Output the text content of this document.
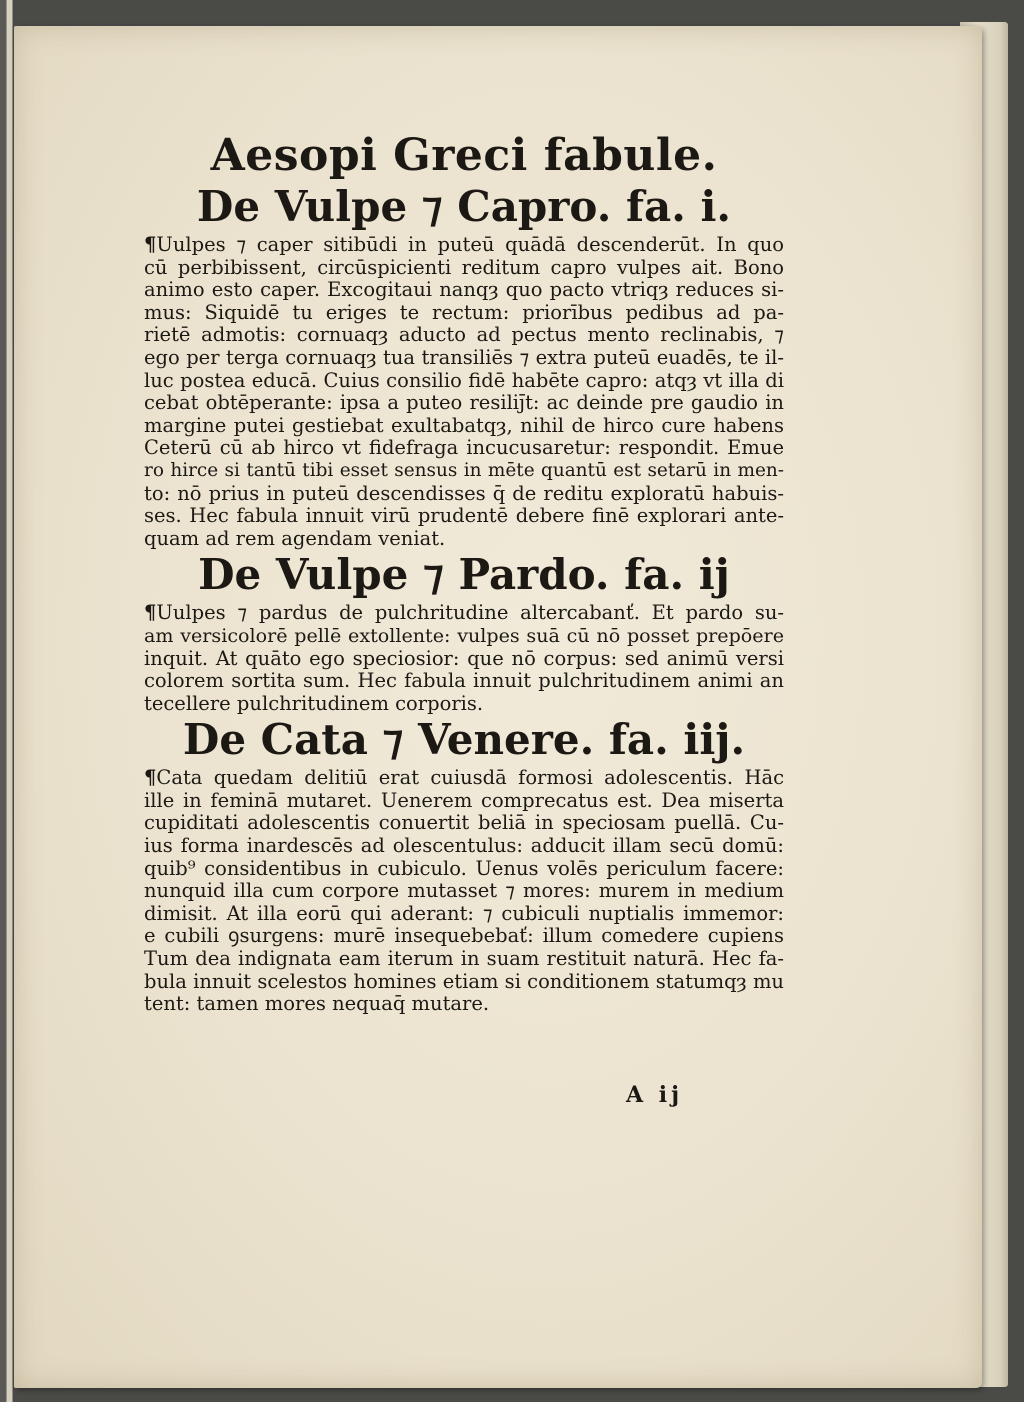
Aesopi Greci fabule.
De Vulpe ⁊ Capro. fa. i.
¶Uulpes ⁊ caper sitibūdi in puteū quādā descenderūt. In quo
cū perbibissent, circūspicienti reditum capro vulpes ait. Bono
animo esto caper. Excogitaui nanqȝ quo pacto vtriqȝ reduces si-
mus: Siquidē tu eriges te rectum: priorībus pedibus ad pa-
rietē admotis: cornuaqȝ aducto ad pectus mento reclinabis, ⁊
ego per terga cornuaqȝ tua transiliēs ⁊ extra puteū euadēs, te il-
luc postea educā. Cuius consilio fidē habēte capro: atqȝ vt illa di
cebat obtēperante: ipsa a puteo resiliȷ̄t: ac deinde pre gaudio in
margine putei gestiebat exultabatqȝ, nihil de hirco cure habens
Ceterū cū ab hirco vt fidefraga incucusaretur: respondit. Emue
ro hirce si tantū tibi esset sensus in mēte quantū est setarū in men-
to: nō prius in puteū descendisses q̄ de reditu exploratū habuis-
ses. Hec fabula innuit virū prudentē debere finē explorari ante-
quam ad rem agendam veniat.
De Vulpe ⁊ Pardo. fa. ij
¶Uulpes ⁊ pardus de pulchritudine altercabanť. Et pardo su-
am versicolorē pellē extollente: vulpes suā cū nō posset prepōere
inquit. At quāto ego speciosior: que nō corpus: sed animū versi
colorem sortita sum. Hec fabula innuit pulchritudinem animi an
tecellere pulchritudinem corporis.
De Cata ⁊ Venere. fa. iij.
¶Cata quedam delitiū erat cuiusdā formosi adolescentis. Hāc
ille in feminā mutaret. Uenerem comprecatus est. Dea miserta
cupiditati adolescentis conuertit beliā in speciosam puellā. Cu-
ius forma inardescēs ad olescentulus: adducit illam secū domū:
quib⁹ considentibus in cubiculo. Uenus volēs periculum facere:
nunquid illa cum corpore mutasset ⁊ mores: murem in medium
dimisit. At illa eorū qui aderant: ⁊ cubiculi nuptialis immemor:
e cubili ꝯsurgens: murē insequebebať: illum comedere cupiens
Tum dea indignata eam iterum in suam restituit naturā. Hec fa-
bula innuit scelestos homines etiam si conditionem statumqȝ mu
tent: tamen mores nequaq̄ mutare.
A ij
